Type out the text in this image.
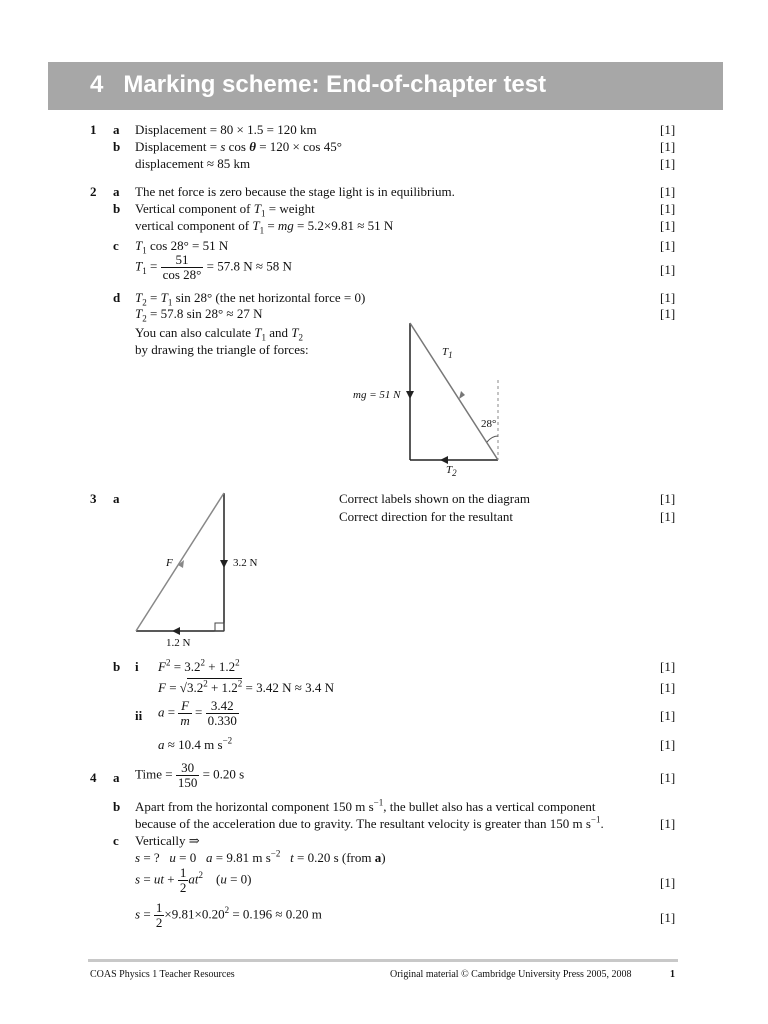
4 Marking scheme: End-of-chapter test
1 a Displacement = 80 × 1.5 = 120 km	[1]
b Displacement = s cos θ = 120 × cos 45°	[1]
displacement ≈ 85 km	[1]
2 a The net force is zero because the stage light is in equilibrium.	[1]
b Vertical component of $T_1$ = weight	[1]
vertical component of $T_1$ = mg = 5.2×9.81 ≈ 51 N	[1]
c $T_1$ cos 28° = 51 N	[1]
$T_1 = \frac{51}{\cos 28^\circ} = 57.8$ N ≈ 58 N	[1]
d $T_2 = T_1$ sin 28° (the net horizontal force = 0)	[1]
$T_2 = 57.8$ sin 28° ≈ 27 N	[1]
You can also calculate $T_1$ and $T_2$
by drawing the triangle of forces:	$T_1$
mg = 51 N
28°
$T_2$
3 a	Correct labels shown on the diagram	[1]
Correct direction for the resultant	[1]
F	3.2 N
1.2 N
b i $F^2 = 3.2^2 + 1.2^2$	[1]
$F = √3.2^2 + 1.2^2 = 3.42$ N ≈ 3.4 N	[1]
ii $a = \frac{F}{m} = \frac{3.42}{0.330}$	[1]
a ≈ 10.4 m $s^{-2}$	[1]
4 a Time = $\frac{30}{150} = 0.20$ s	[1]
b Apart from the horizontal component 150 m $s^{-1}$, the bullet also has a vertical component
because of the acceleration due to gravity. The resultant velocity is greater than 150 m $s^{-1}$.	[1]
c Vertically ⇒
s = ? u = 0 a = 9.81 m $s^{-2}$ t = 0.20 s (from a)
s = ut + $\frac{1}{2} at^2$ (u = 0)	[1]
$s = \frac{1}{2} \times 9.81\times 0.20^2 = 0.196 \approx 0.20$ m	[1]
COAS Physics 1 Teacher Resources	Original material © Cambridge University Press 2005, 2008	1
